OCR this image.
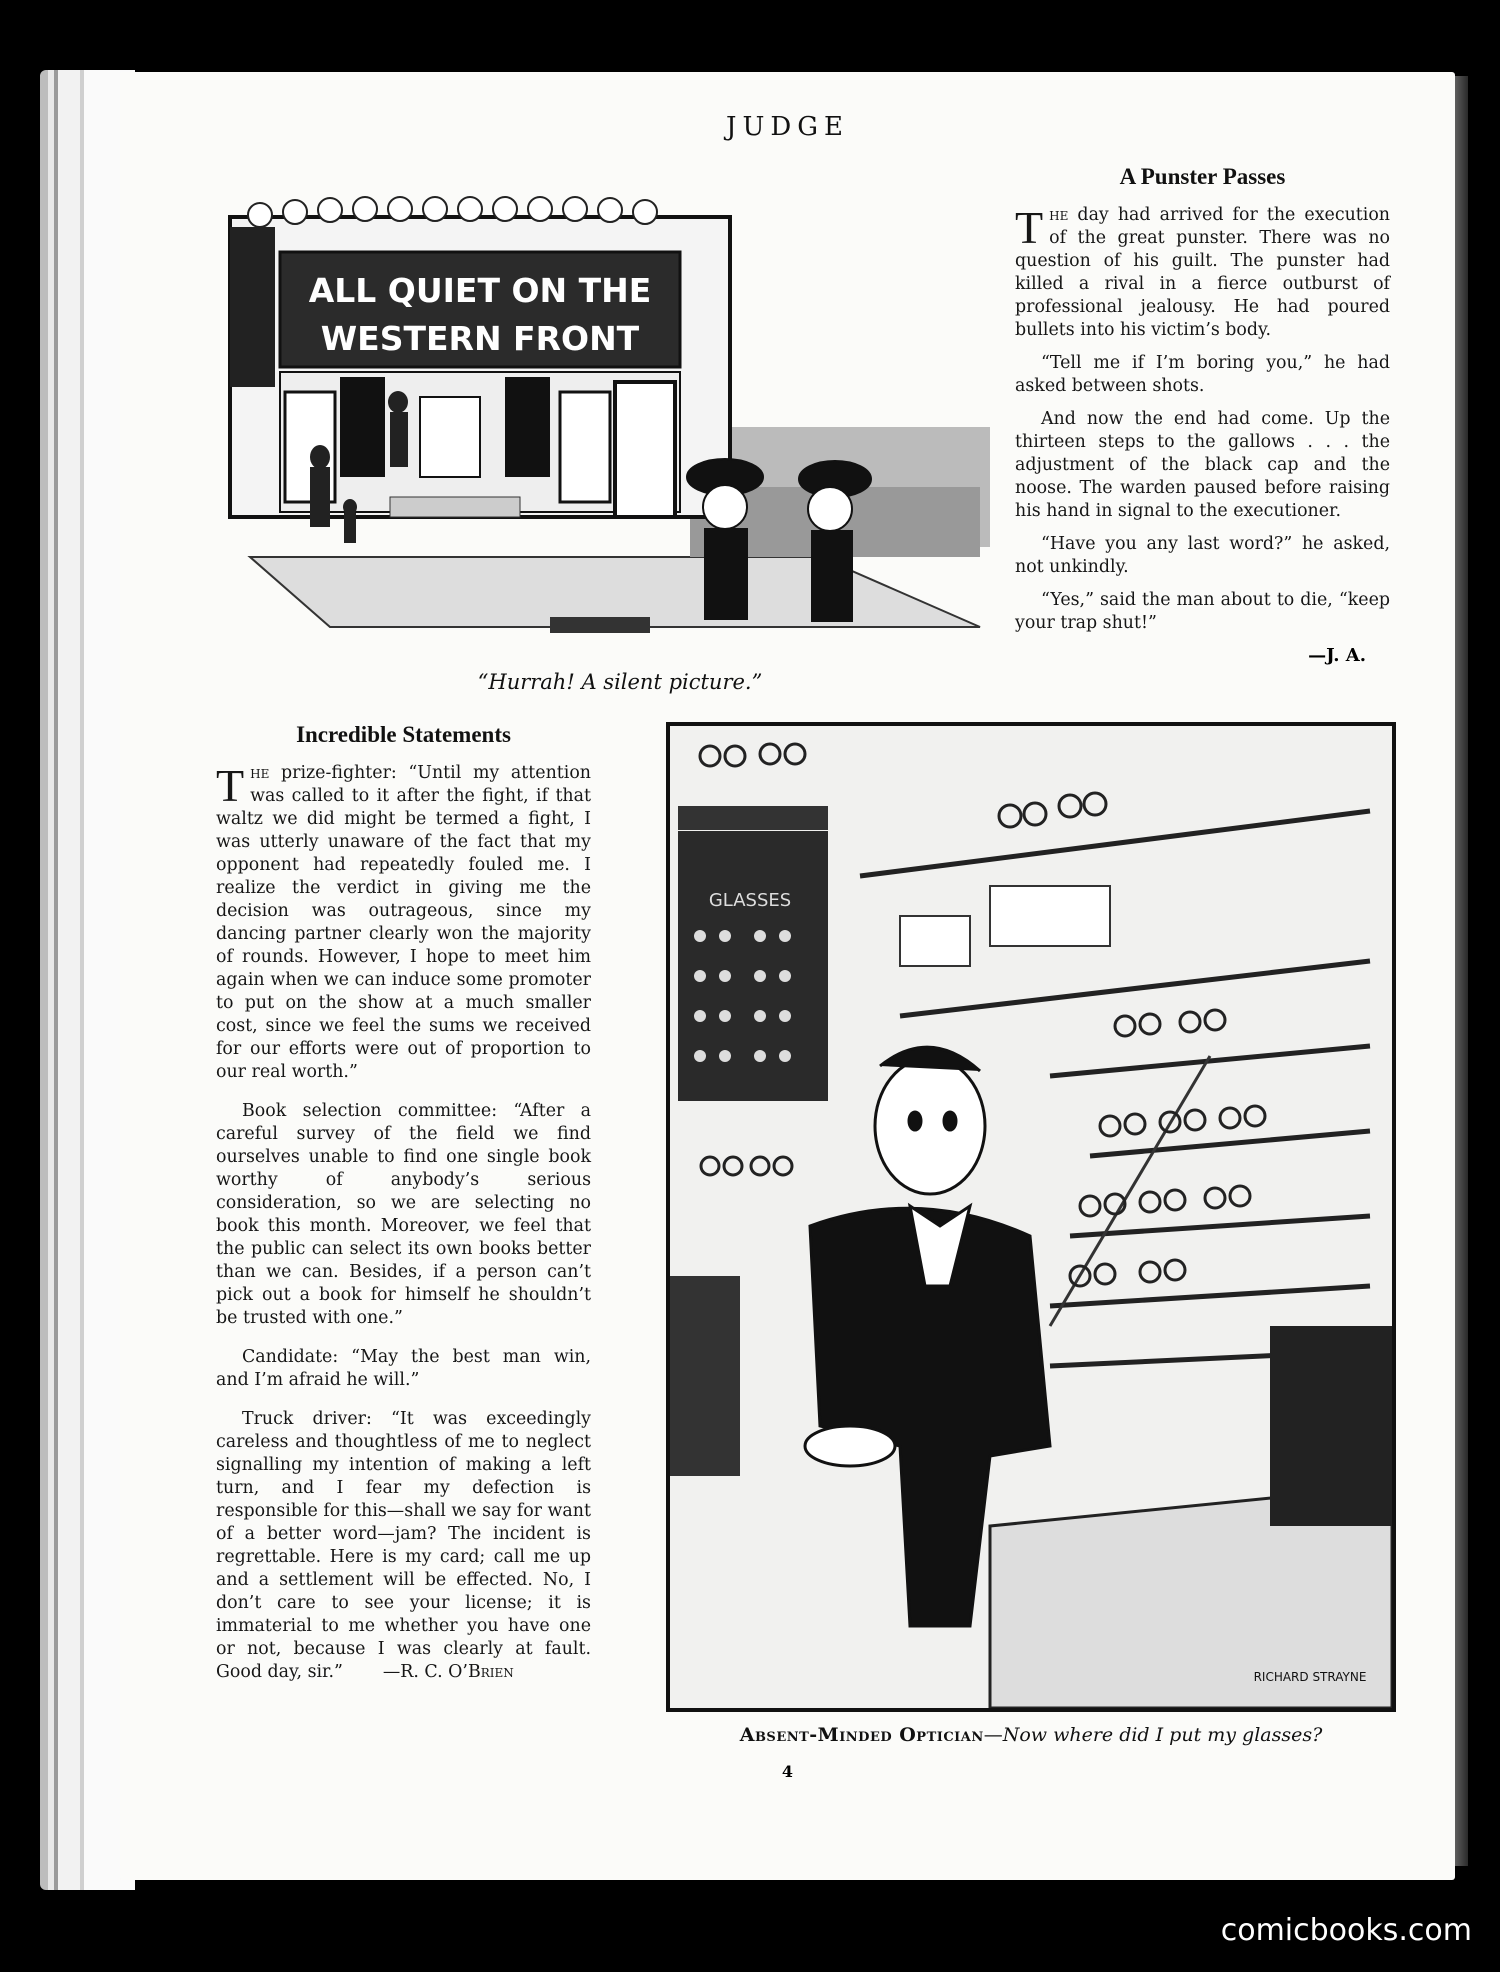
JUDGE
ALL QUIET ON THE
WESTERN FRONT
“Hurrah! A silent picture.”
A Punster Passes

The day had arrived for the execution of the great punster. There was no question of his guilt. The punster had killed a rival in a fierce outburst of professional jealousy. He had poured bullets into his victim’s body.

“Tell me if I’m boring you,” he had asked between shots.

And now the end had come. Up the thirteen steps to the gallows . . . the adjustment of the black cap and the noose. The warden paused before raising his hand in signal to the executioner.

“Have you any last word?” he asked, not unkindly.

“Yes,” said the man about to die, “keep your trap shut!”

—J. A.
Incredible Statements

The prize-fighter: “Until my attention was called to it after the fight, if that waltz we did might be termed a fight, I was utterly unaware of the fact that my opponent had repeatedly fouled me. I realize the verdict in giving me the decision was outrageous, since my dancing partner clearly won the majority of rounds. However, I hope to meet him again when we can induce some promoter to put on the show at a much smaller cost, since we feel the sums we received for our efforts were out of proportion to our real worth.”

Book selection committee: “After a careful survey of the field we find ourselves unable to find one single book worthy of anybody’s serious consideration, so we are selecting no book this month. Moreover, we feel that the public can select its own books better than we can. Besides, if a person can’t pick out a book for himself he shouldn’t be trusted with one.”

Candidate: “May the best man win, and I’m afraid he will.”

Truck driver: “It was exceedingly careless and thoughtless of me to neglect signalling my intention of making a left turn, and I fear my defection is responsible for this—shall we say for want of a better word—jam? The incident is regrettable. Here is my card; call me up and a settlement will be effected. No, I don’t care to see your license; it is immaterial to me whether you have one or not, because I was clearly at fault. Good day, sir.” —R. C. O’Brien

GLASSES
RICHARD STRAYNE
Absent-Minded Optician—Now where did I put my glasses?
4
comicbooks.com
